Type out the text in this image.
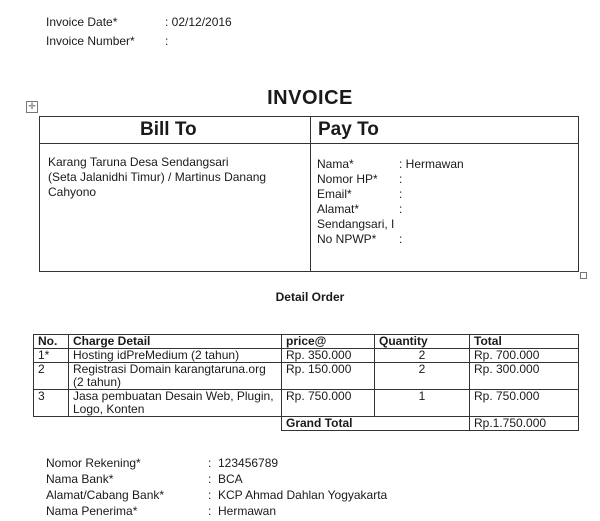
Invoice Date*	: 02/12/2016
Invoice Number*	:
INVOICE
✛
Bill To	Pay To
Karang Taruna Desa Sendangsari
(Seta Jalanidhi Timur) / Martinus Danang
Cahyono
Nama*	: Hermawan
Nomor HP* :
Email*	:
Alamat*	:
Sendangsari, I
No NPWP* :
Detail Order
No.	Charge Detail	price@	Quantity	Total
1*	Hosting idPreMedium (2 tahun)	Rp. 350.000	2	Rp. 700.000
2	Registrasi Domain karangtaruna.org (2 tahun)	Rp. 150.000	2	Rp. 300.000
3	Jasa pembuatan Desain Web, Plugin, Logo, Konten	Rp. 750.000	1	Rp. 750.000
		Grand Total		Rp.1.750.000
Nomor Rekening*	: 123456789
Nama Bank*	: BCA
Alamat/Cabang Bank*	: KCP Ahmad Dahlan Yogyakarta
Nama Penerima*	: Hermawan
